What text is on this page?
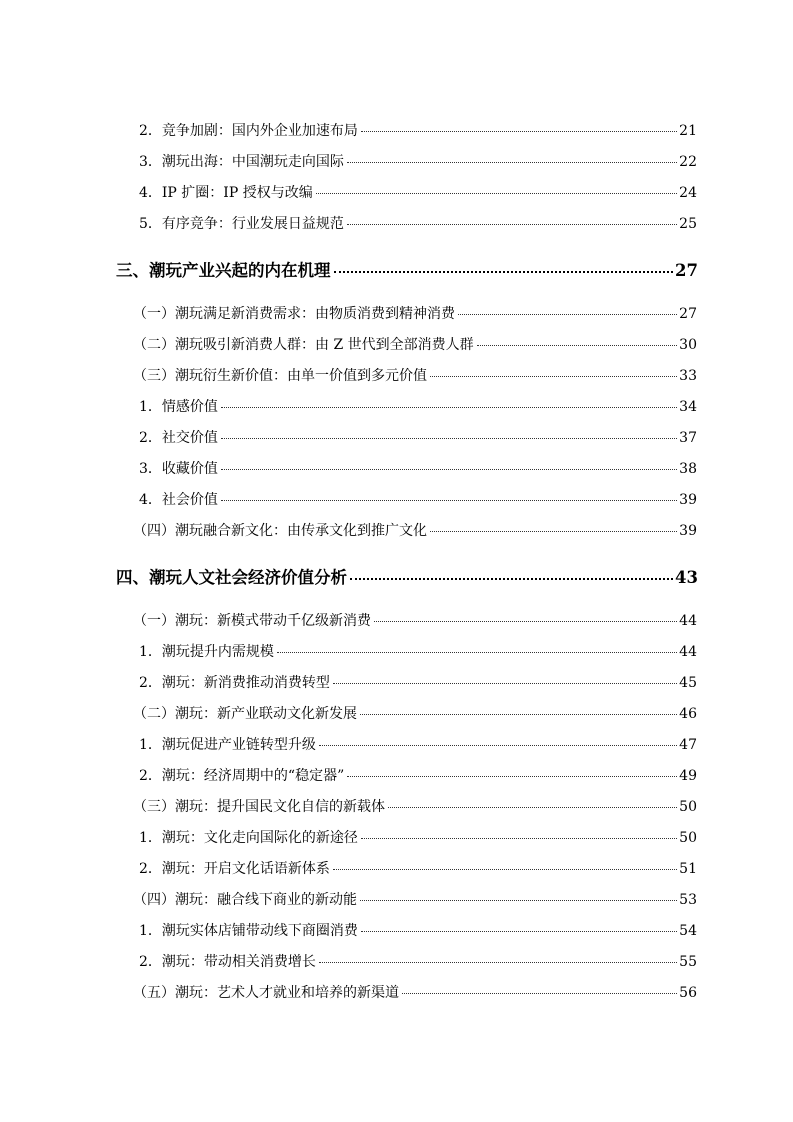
2．竞争加剧：国内外企业加速布局	21
3．潮玩出海：中国潮玩走向国际	22
4．IP 扩圈：IP 授权与改编	24
5．有序竞争：行业发展日益规范	25
三、潮玩产业兴起的内在机理	27
（一）潮玩满足新消费需求：由物质消费到精神消费	27
（二）潮玩吸引新消费人群：由 Z 世代到全部消费人群	30
（三）潮玩衍生新价值：由单一价值到多元价值	33
1．情感价值	34
2．社交价值	37
3．收藏价值	38
4．社会价值	39
（四）潮玩融合新文化：由传承文化到推广文化	39
四、潮玩人文社会经济价值分析	43
（一）潮玩：新模式带动千亿级新消费	44
1．潮玩提升内需规模	44
2．潮玩：新消费推动消费转型	45
（二）潮玩：新产业联动文化新发展	46
1．潮玩促进产业链转型升级	47
2．潮玩：经济周期中的“稳定器”	49
（三）潮玩：提升国民文化自信的新载体	50
1．潮玩：文化走向国际化的新途径	50
2．潮玩：开启文化话语新体系	51
（四）潮玩：融合线下商业的新动能	53
1．潮玩实体店铺带动线下商圈消费	54
2．潮玩：带动相关消费增长	55
（五）潮玩：艺术人才就业和培养的新渠道	56
